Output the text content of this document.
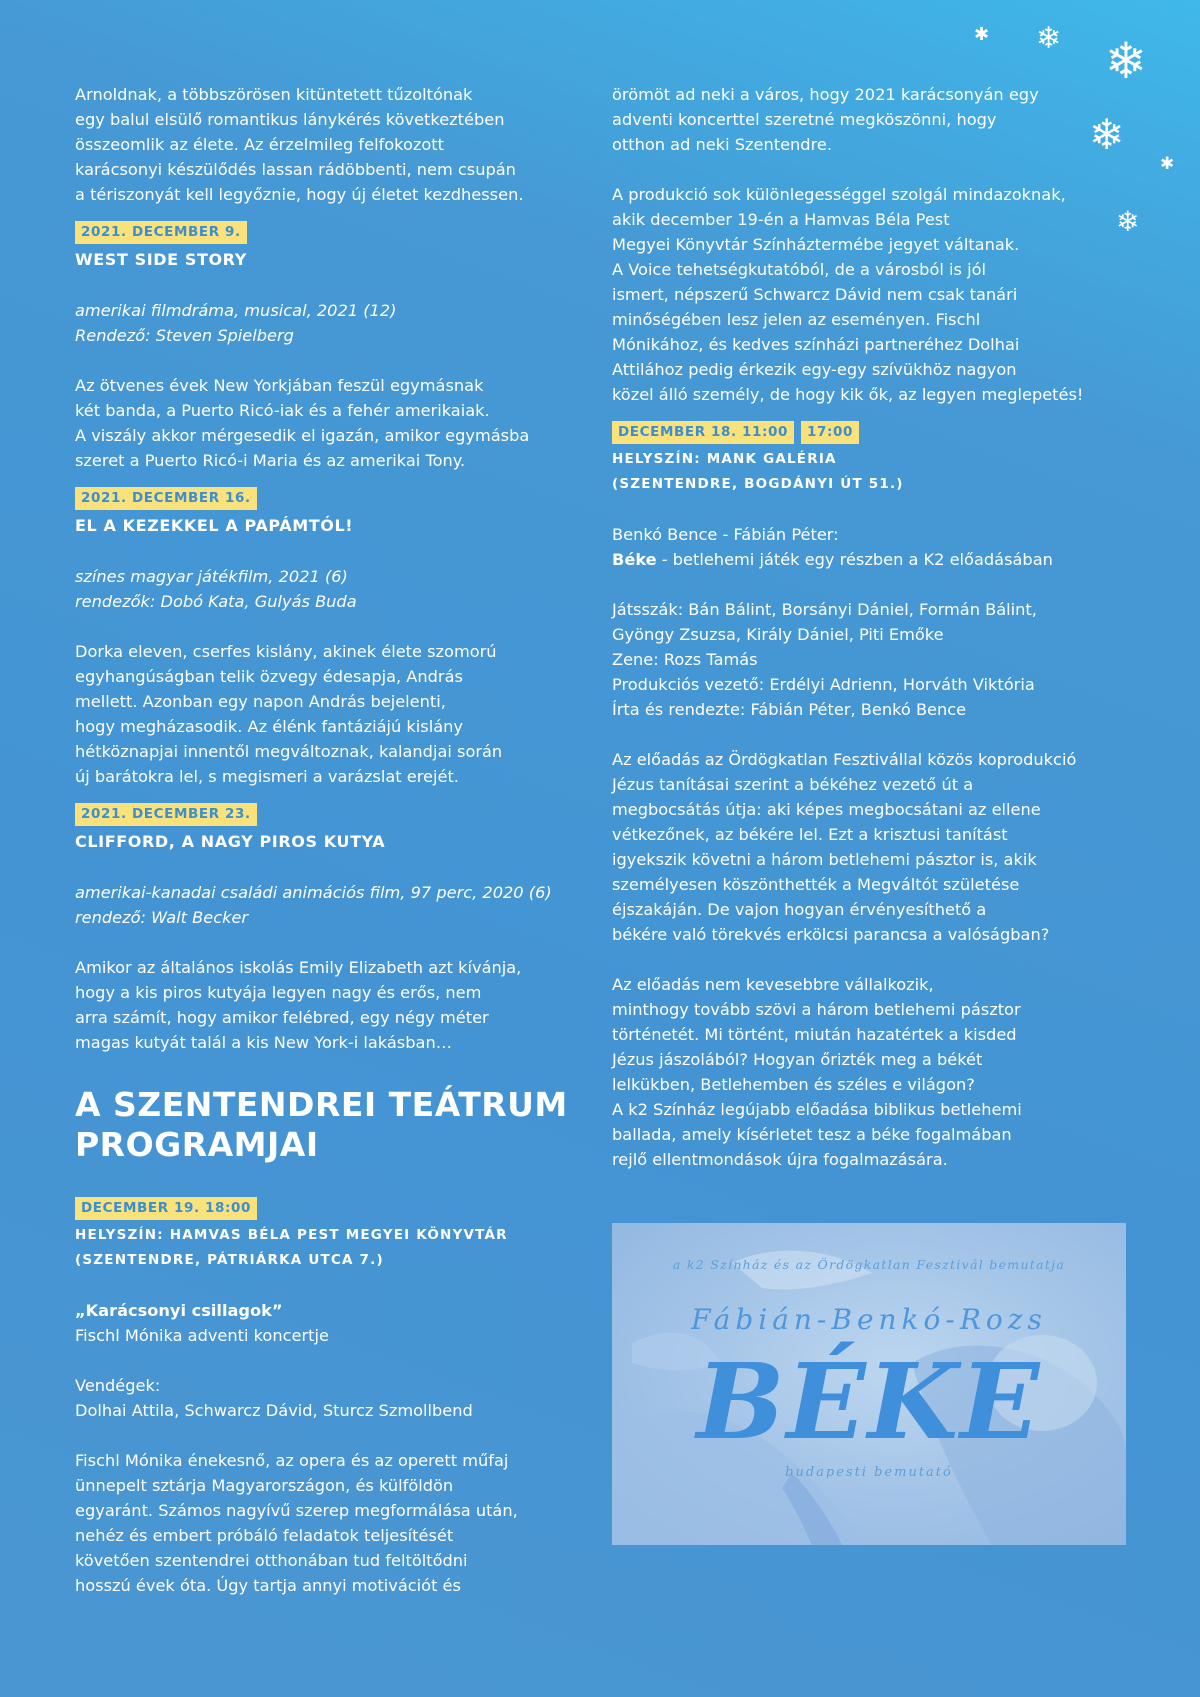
✱ ❄ ❄
❄
✱
❄

Arnoldnak, a többszörösen kitüntetett tűzoltónak

egy balul elsülő romantikus lánykérés következtében

összeomlik az élete. Az érzelmileg felfokozott

karácsonyi készülődés lassan rádöbbenti, nem csupán

a tériszonyát kell legyőznie, hogy új életet kezdhessen.

2021. DECEMBER 9.

WEST SIDE STORY

amerikai filmdráma, musical, 2021 (12)

Rendező: Steven Spielberg

Az ötvenes évek New Yorkjában feszül egymásnak

két banda, a Puerto Ricó-iak és a fehér amerikaiak.

A viszály akkor mérgesedik el igazán, amikor egymásba

szeret a Puerto Ricó-i Maria és az amerikai Tony.

2021. DECEMBER 16.

EL A KEZEKKEL A PAPÁMTÓL!

színes magyar játékfilm, 2021 (6)

rendezők: Dobó Kata, Gulyás Buda

Dorka eleven, cserfes kislány, akinek élete szomorú

egyhangúságban telik özvegy édesapja, András

mellett. Azonban egy napon András bejelenti,

hogy megházasodik. Az élénk fantáziájú kislány

hétköznapjai innentől megváltoznak, kalandjai során

új barátokra lel, s megismeri a varázslat erejét.

2021. DECEMBER 23.

CLIFFORD, A NAGY PIROS KUTYA

amerikai-kanadai családi animációs film, 97 perc, 2020 (6)

rendező: Walt Becker

Amikor az általános iskolás Emily Elizabeth azt kívánja,

hogy a kis piros kutyája legyen nagy és erős, nem

arra számít, hogy amikor felébred, egy négy méter

magas kutyát talál a kis New York-i lakásban…

A SZENTENDREI TEÁTRUM
PROGRAMJAI
DECEMBER 19. 18:00

HELYSZÍN: HAMVAS BÉLA PEST MEGYEI KÖNYVTÁR

(SZENTENDRE, PÁTRIÁRKA UTCA 7.)

„Karácsonyi csillagok”

Fischl Mónika adventi koncertje

Vendégek:

Dolhai Attila, Schwarcz Dávid, Sturcz Szmollbend

Fischl Mónika énekesnő, az opera és az operett műfaj

ünnepelt sztárja Magyarországon, és külföldön

egyaránt. Számos nagyívű szerep megformálása után,

nehéz és embert próbáló feladatok teljesítését

követően szentendrei otthonában tud feltöltődni

hosszú évek óta. Úgy tartja annyi motivációt és

örömöt ad neki a város, hogy 2021 karácsonyán egy

adventi koncerttel szeretné megköszönni, hogy

otthon ad neki Szentendre.

A produkció sok különlegességgel szolgál mindazoknak,

akik december 19-én a Hamvas Béla Pest

Megyei Könyvtár Színháztermébe jegyet váltanak.

A Voice tehetségkutatóból, de a városból is jól

ismert, népszerű Schwarcz Dávid nem csak tanári

minőségében lesz jelen az eseményen. Fischl

Mónikához, és kedves színházi partneréhez Dolhai

Attilához pedig érkezik egy-egy szívükhöz nagyon

közel álló személy, de hogy kik ők, az legyen meglepetés!

DECEMBER 18. 11:00	17:00

HELYSZÍN: MANK GALÉRIA

(SZENTENDRE, BOGDÁNYI ÚT 51.)

Benkó Bence - Fábián Péter:

Béke - betlehemi játék egy részben a K2 előadásában

Játsszák: Bán Bálint, Borsányi Dániel, Formán Bálint,

Gyöngy Zsuzsa, Király Dániel, Piti Emőke

Zene: Rozs Tamás

Produkciós vezető: Erdélyi Adrienn, Horváth Viktória

Írta és rendezte: Fábián Péter, Benkó Bence

Az előadás az Ördögkatlan Fesztivállal közös koprodukció

Jézus tanításai szerint a békéhez vezető út a

megbocsátás útja: aki képes megbocsátani az ellene

vétkezőnek, az békére lel. Ezt a krisztusi tanítást

igyekszik követni a három betlehemi pásztor is, akik

személyesen köszönthették a Megváltót születése

éjszakáján. De vajon hogyan érvényesíthető a

békére való törekvés erkölcsi parancsa a valóságban?

Az előadás nem kevesebbre vállalkozik,

minthogy tovább szövi a három betlehemi pásztor

történetét. Mi történt, miután hazatértek a kisded

Jézus jászolából? Hogyan őrizték meg a békét

lelkükben, Betlehemben és széles e világon?

A k2 Színház legújabb előadása biblikus betlehemi

ballada, amely kísérletet tesz a béke fogalmában

rejlő ellentmondások újra fogalmazására.

a k2 Színház és az Ördögkatlan Fesztivál bemutatja
Fábián-Benkó-Rozs
BÉKE
budapesti bemutató
